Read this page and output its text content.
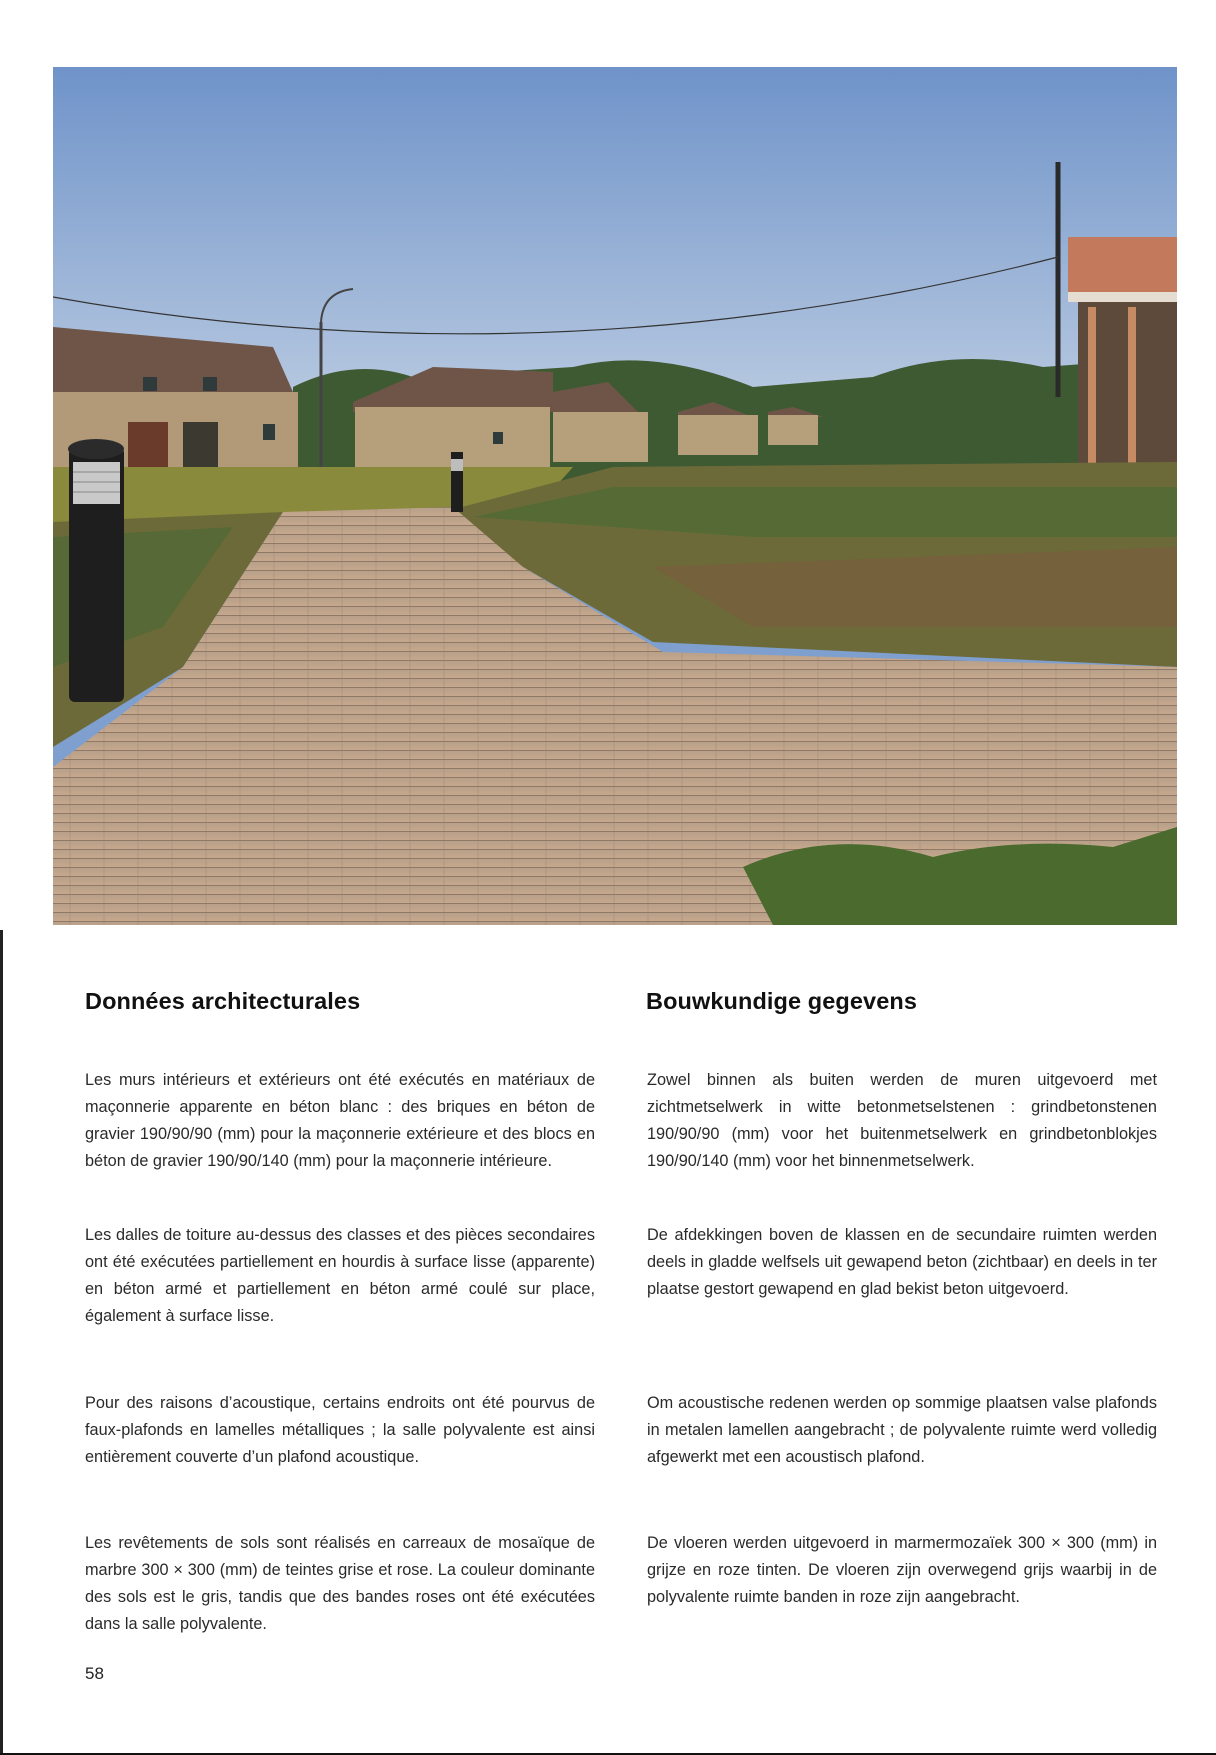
Données architecturales	Bouwkundige gegevens

Les murs intérieurs et extérieurs ont été exécutés en matériaux de maçonnerie apparente en béton blanc : des briques en béton de gravier 190/90/90 (mm) pour la maçonnerie extérieure et des blocs en béton de gravier 190/90/140 (mm) pour la maçonnerie intérieure.

Les dalles de toiture au-dessus des classes et des pièces secondaires ont été exécutées partiellement en hourdis à surface lisse (apparente) en béton armé et partiellement en béton armé coulé sur place, également à surface lisse.

Pour des raisons d’acoustique, certains endroits ont été pourvus de faux-plafonds en lamelles métalliques ; la salle polyvalente est ainsi entièrement couverte d’un plafond acoustique.

Les revêtements de sols sont réalisés en carreaux de mosaïque de marbre 300 × 300 (mm) de teintes grise et rose. La couleur dominante des sols est le gris, tandis que des bandes roses ont été exécutées dans la salle polyvalente.

Zowel binnen als buiten werden de muren uitgevoerd met zichtmetselwerk in witte betonmetselstenen : grindbetonstenen 190/90/90 (mm) voor het buitenmetselwerk en grindbetonblokjes 190/90/140 (mm) voor het binnenmetselwerk.

De afdekkingen boven de klassen en de secundaire ruimten werden deels in gladde welfsels uit gewapend beton (zichtbaar) en deels in ter plaatse gestort gewapend en glad bekist beton uitgevoerd.

Om acoustische redenen werden op sommige plaatsen valse plafonds in metalen lamellen aangebracht ; de polyvalente ruimte werd volledig afgewerkt met een acoustisch plafond.

De vloeren werden uitgevoerd in marmermozaïek 300 × 300 (mm) in grijze en roze tinten. De vloeren zijn overwegend grijs waarbij in de polyvalente ruimte banden in roze zijn aangebracht.

58
